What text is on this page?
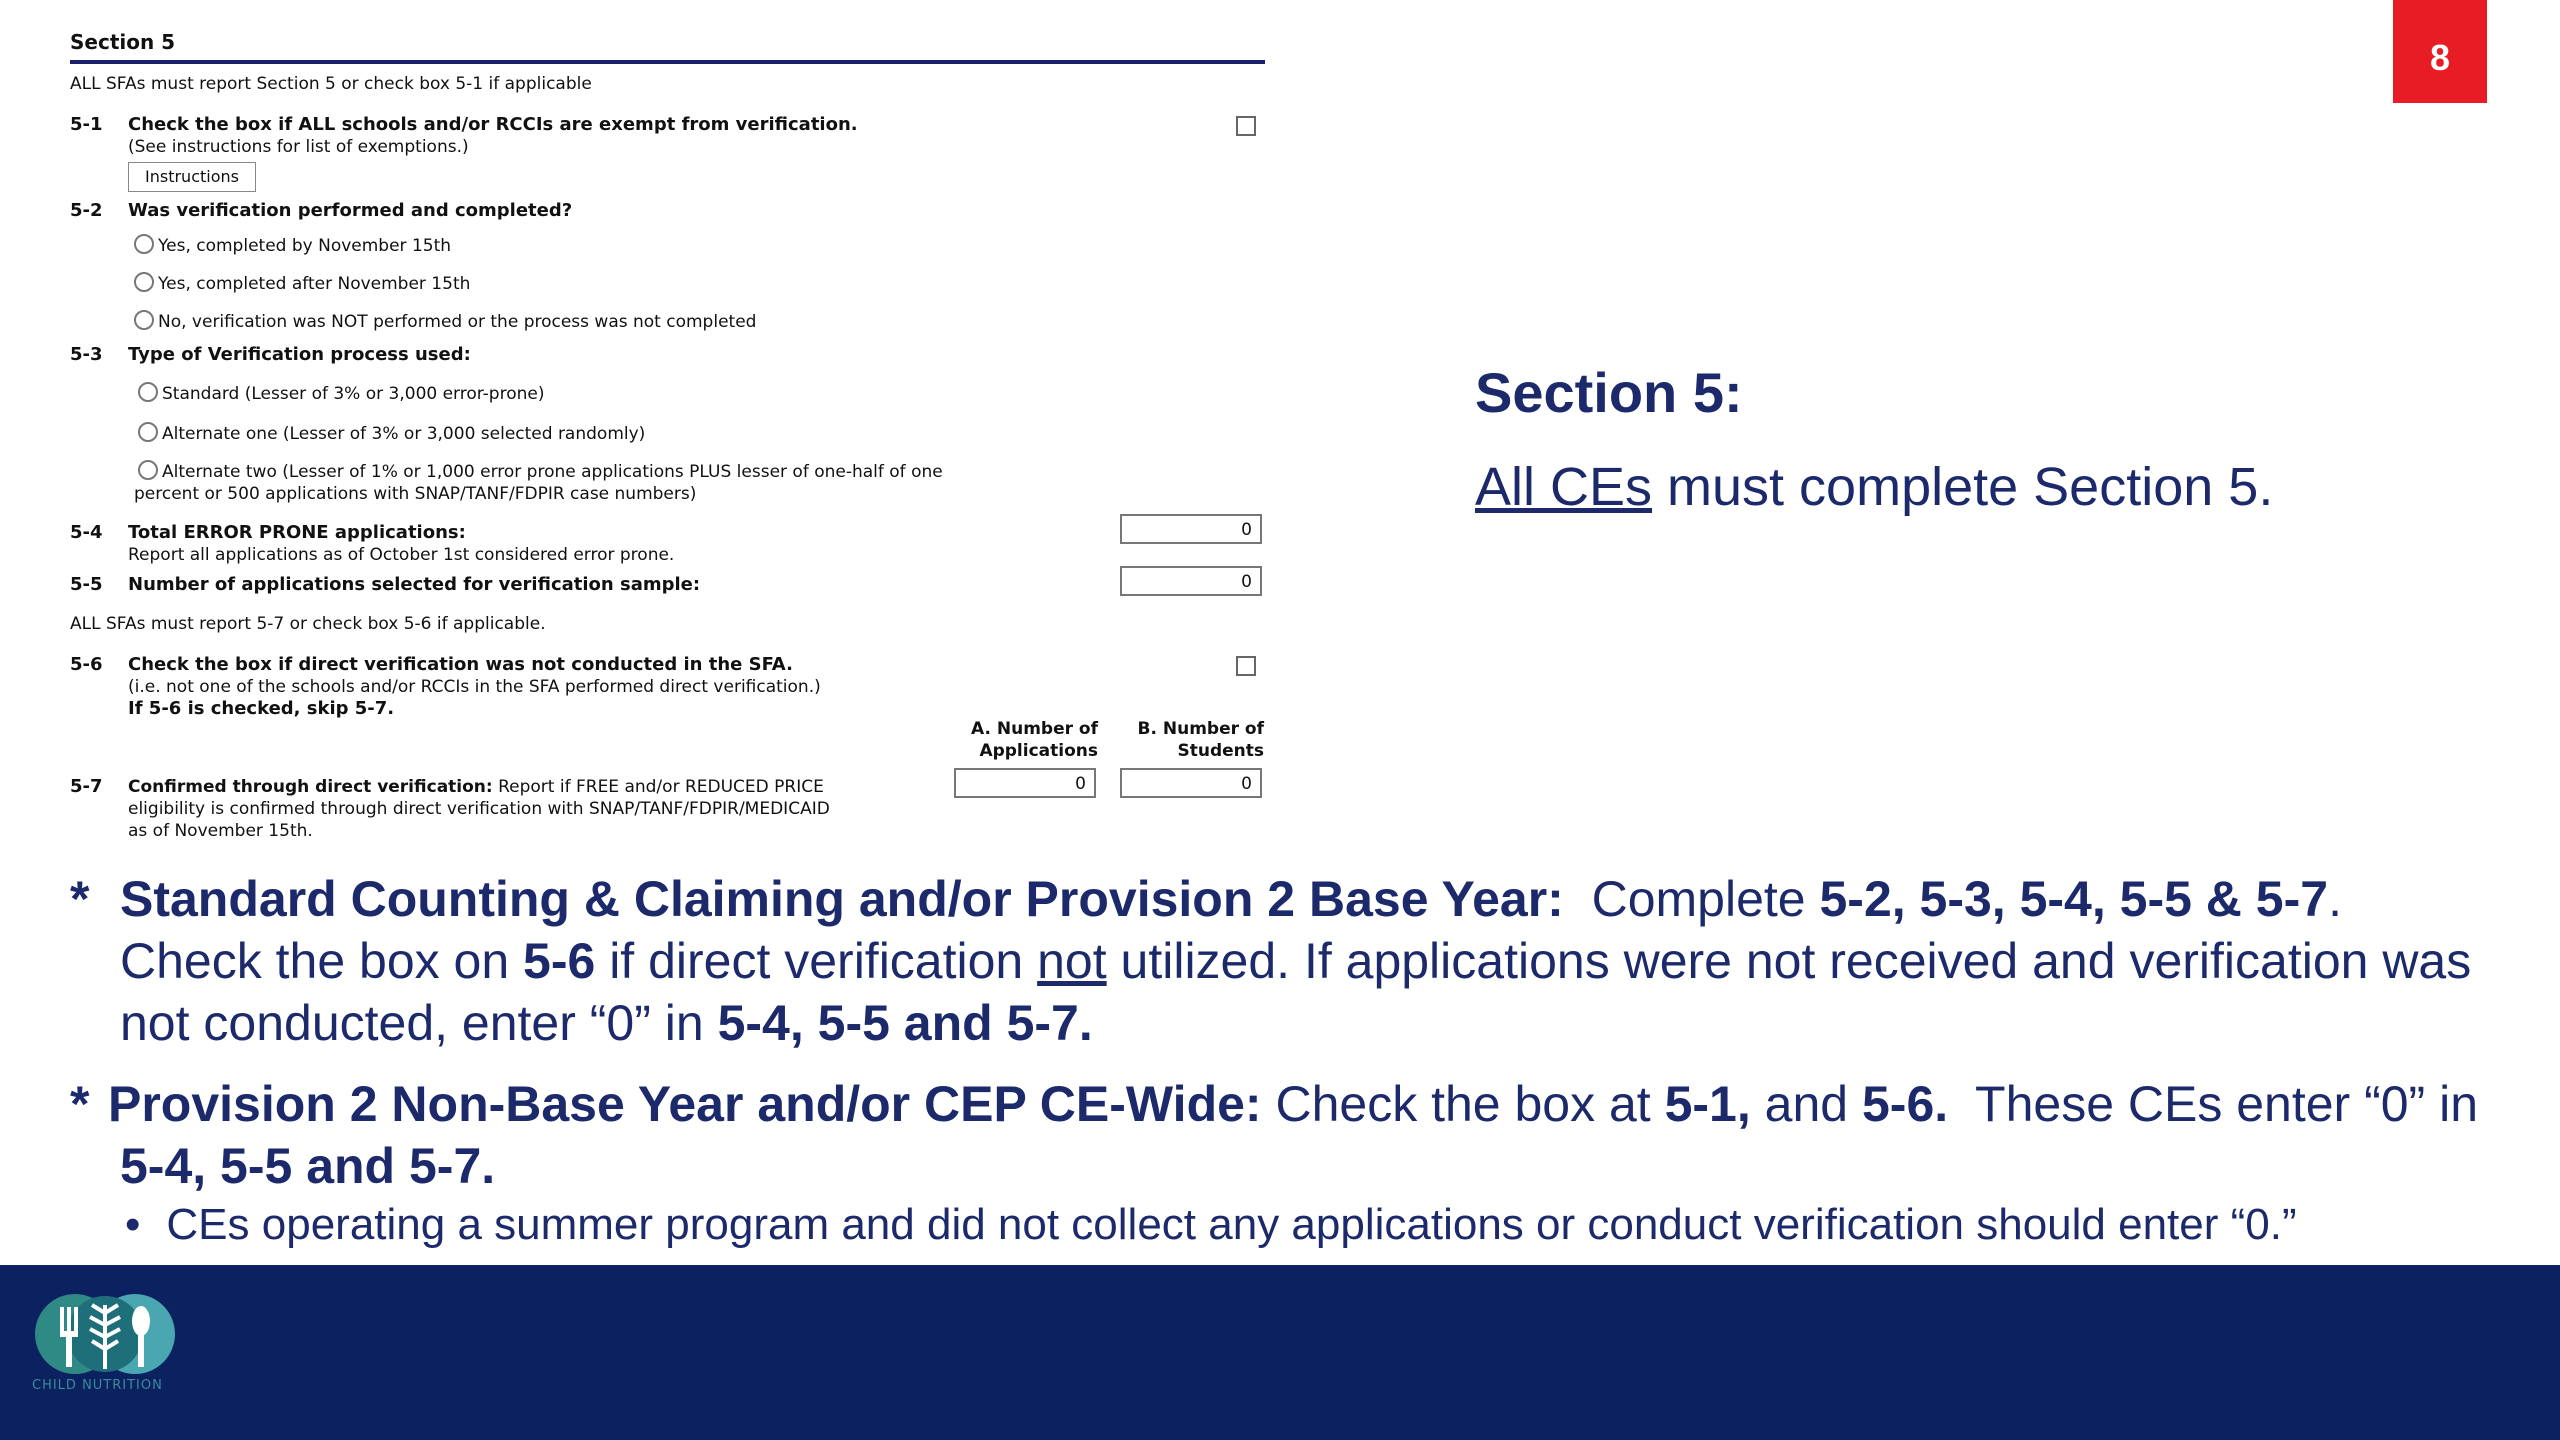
Section 5
ALL SFAs must report Section 5 or check box 5-1 if applicable
5-1 Check the box if ALL schools and/or RCCIs are exempt from verification.
(See instructions for list of exemptions.)
Instructions
5-2 Was verification performed and completed?
Yes, completed by November 15th
Yes, completed after November 15th
No, verification was NOT performed or the process was not completed
5-3 Type of Verification process used:
Standard (Lesser of 3% or 3,000 error-prone)
Alternate one (Lesser of 3% or 3,000 selected randomly)
Alternate two (Lesser of 1% or 1,000 error prone applications PLUS lesser of one-half of one
percent or 500 applications with SNAP/TANF/FDPIR case numbers)
5-4 Total ERROR PRONE applications:
Report all applications as of October 1st considered error prone.
0
5-5 Number of applications selected for verification sample:	0
ALL SFAs must report 5-7 or check box 5-6 if applicable.
5-6 Check the box if direct verification was not conducted in the SFA.
(i.e. not one of the schools and/or RCCIs in the SFA performed direct verification.)
If 5-6 is checked, skip 5-7.
A. Number of
Applications
B. Number of
Students
5-7 Confirmed through direct verification: Report if FREE and/or REDUCED PRICE
eligibility is confirmed through direct verification with SNAP/TANF/FDPIR/MEDICAID
as of November 15th.
0	0
8
Section 5:
All CEs must complete Section 5.
* Standard Counting & Claiming and/or Provision 2 Base Year:  Complete 5-2, 5-3, 5-4, 5-5 & 5-7. Check the box on 5-6 if direct verification not utilized. If applications were not received and verification was not conducted, enter “0” in 5-4, 5-5 and 5-7.
* Provision 2 Non-Base Year and/or CEP CE-Wide: Check the box at 5-1, and 5-6.  These CEs enter “0” in
5-4, 5-5 and 5-7.
• CEs operating a summer program and did not collect any applications or conduct verification should enter “0.”
CHILD NUTRITION
